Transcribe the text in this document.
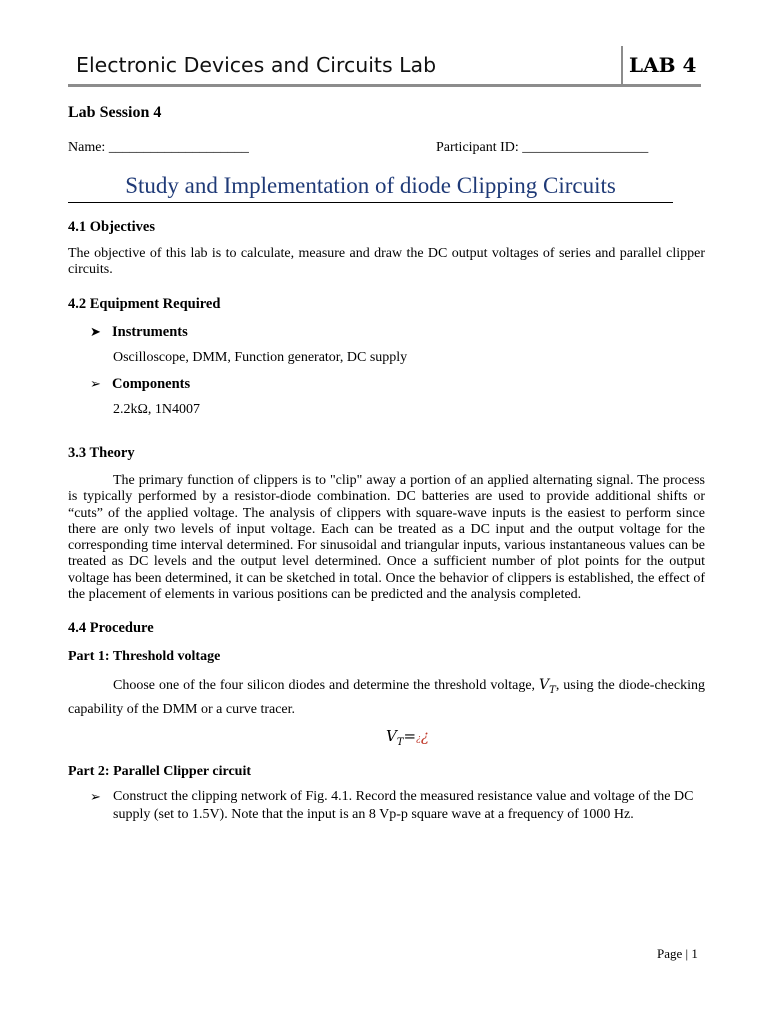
Electronic Devices and Circuits Lab	LAB 4
Lab Session 4
Name: ____________________	Participant ID: __________________
Study and Implementation of diode Clipping Circuits
4.1 Objectives
The objective of this lab is to calculate, measure and draw the DC output voltages of series and parallel clipper circuits.
4.2 Equipment Required
➤ Instruments
Oscilloscope, DMM, Function generator, DC supply
➢ Components
2.2kΩ, 1N4007
3.3 Theory
The primary function of clippers is to "clip" away a portion of an applied alternating signal. The process is typically performed by a resistor-diode combination. DC batteries are used to provide additional shifts or “cuts” of the applied voltage. The analysis of clippers with square-wave inputs is the easiest to perform since there are only two levels of input voltage. Each can be treated as a DC input and the output voltage for the corresponding time interval determined. For sinusoidal and triangular inputs, various instantaneous values can be treated as DC levels and the output level determined. Once a sufficient number of plot points for the output voltage has been determined, it can be sketched in total. Once the behavior of clippers is established, the effect of the placement of elements in various positions can be predicted and the analysis completed.
4.4 Procedure
Part 1: Threshold voltage
Choose one of the four silicon diodes and determine the threshold voltage, $V_T$, using the diode-checking capability of the DMM or a curve tracer.
$V_T=¿¿$
Part 2: Parallel Clipper circuit
➢ Construct the clipping network of Fig. 4.1. Record the measured resistance value and voltage of the DC supply (set to 1.5V). Note that the input is an 8 Vp-p square wave at a frequency of 1000 Hz.
Page | 1
